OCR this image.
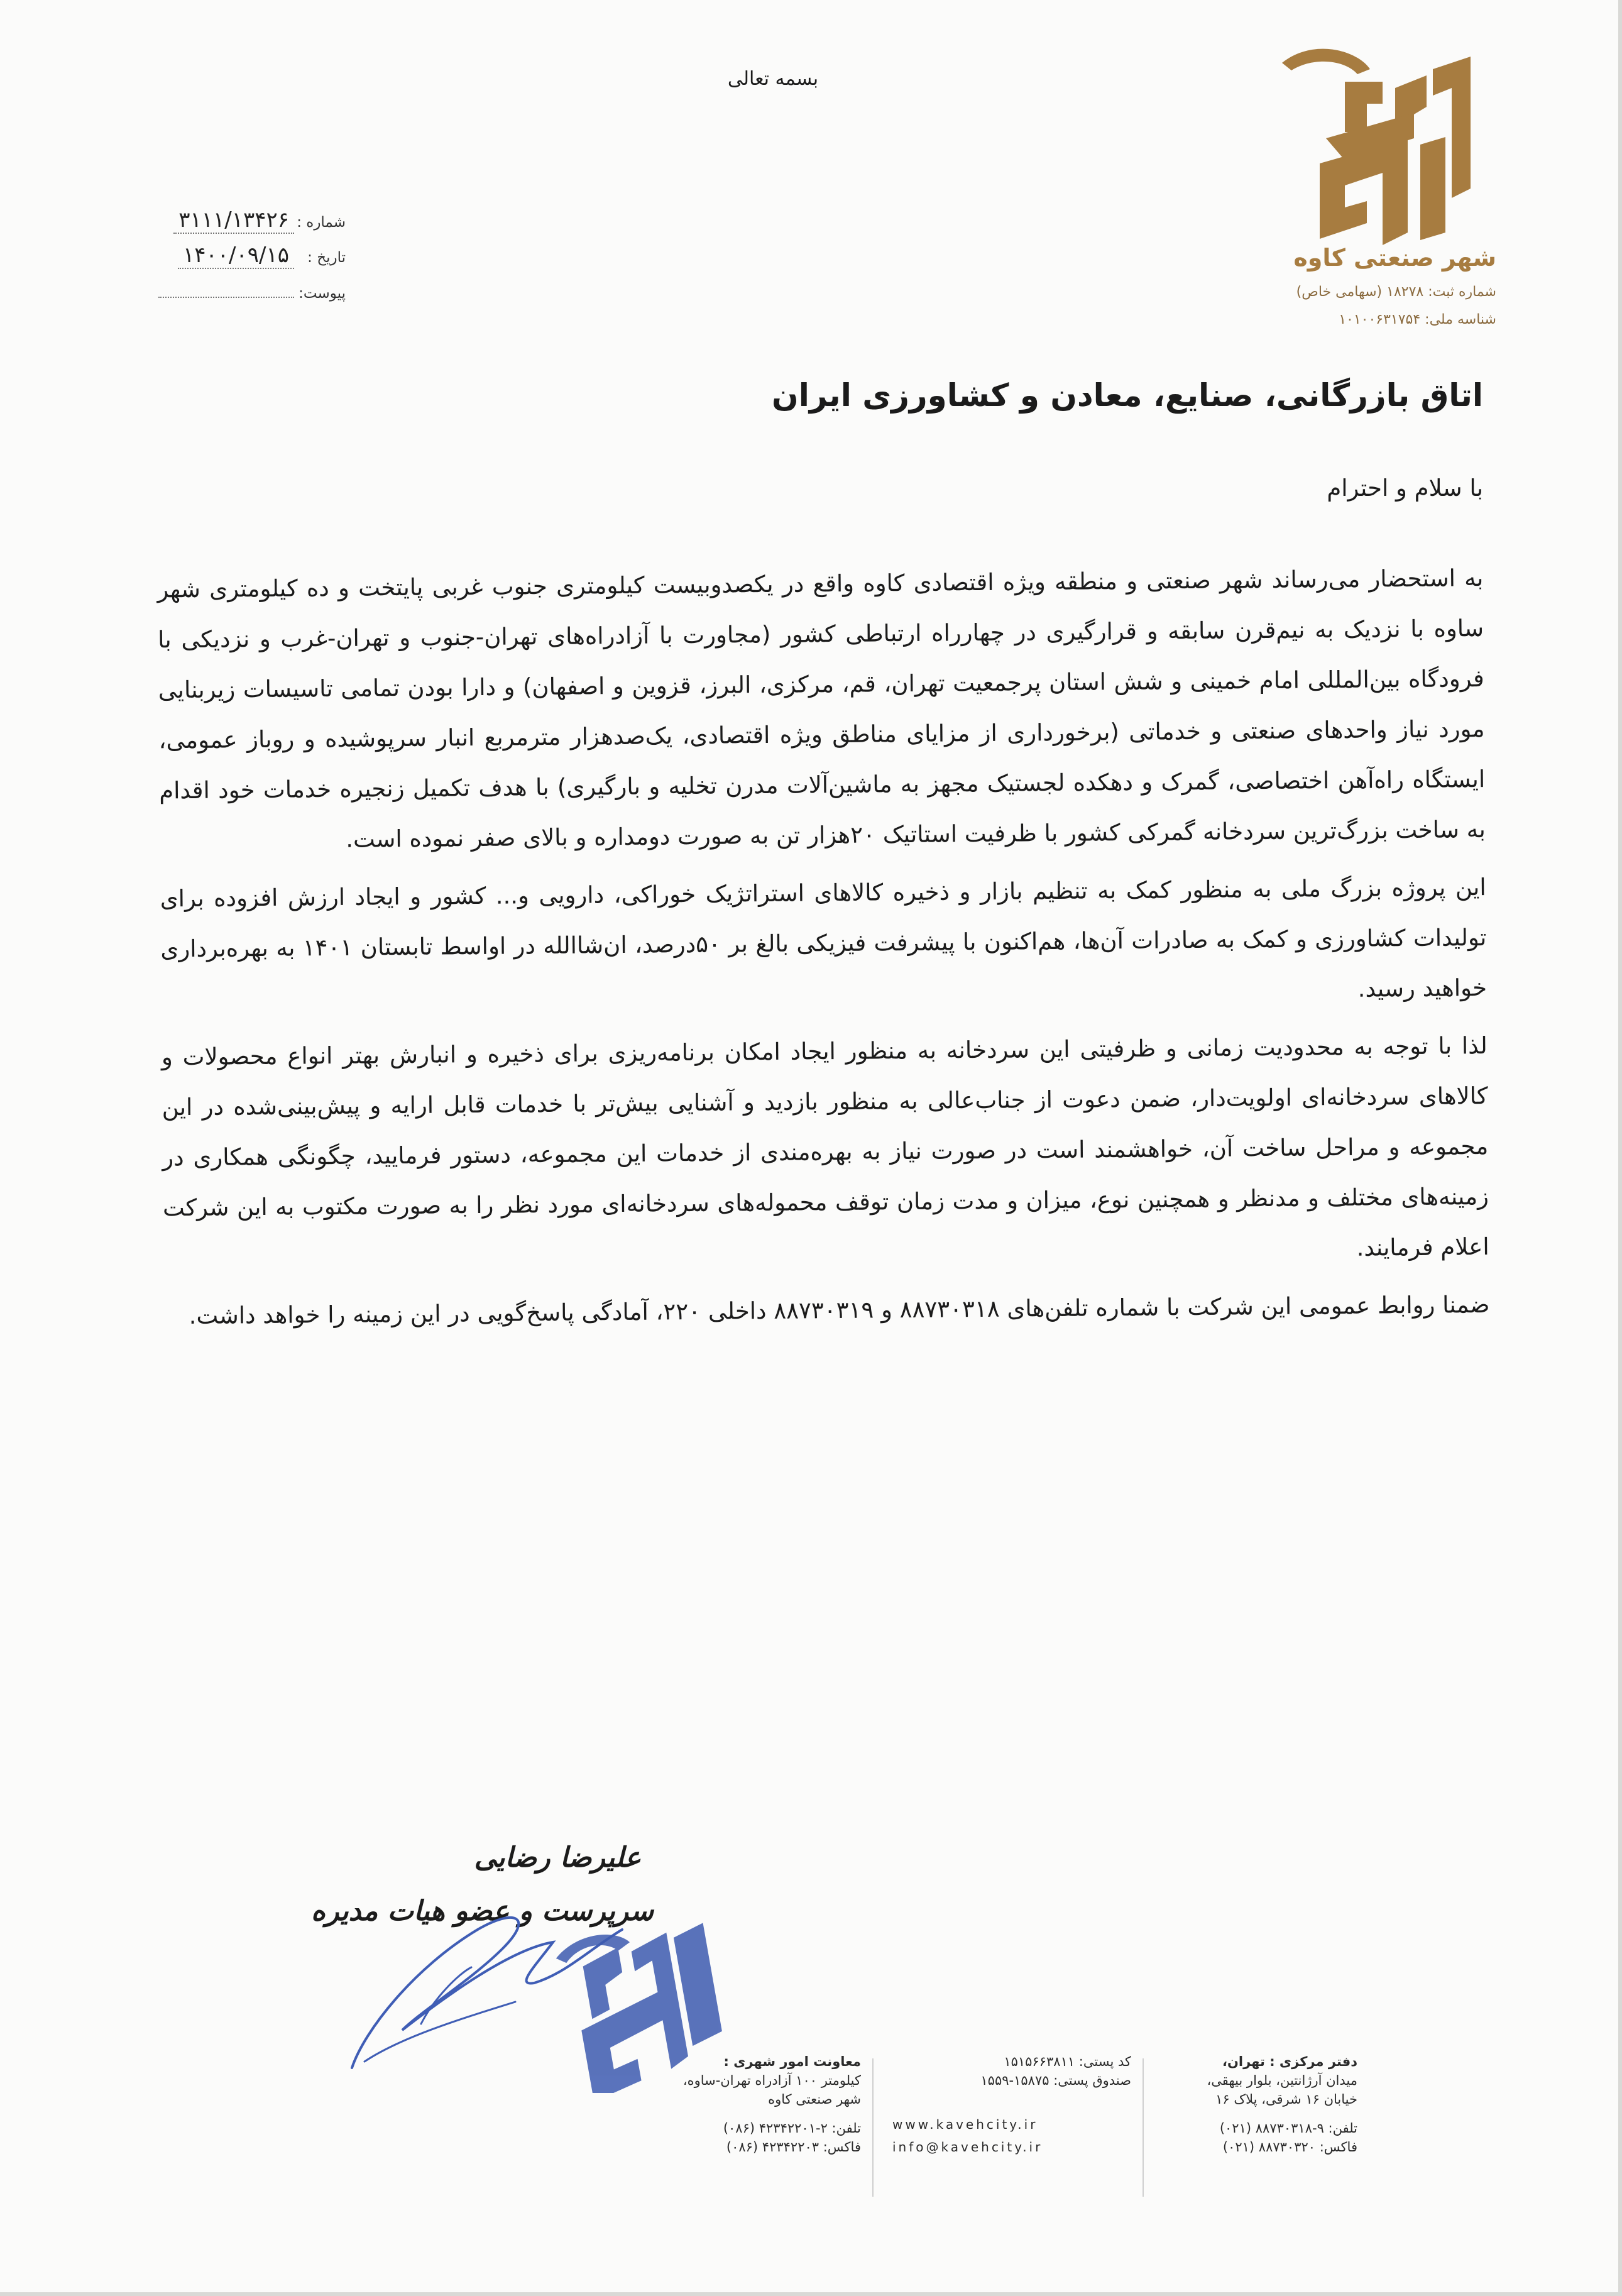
بسمه تعالی
شهر صنعتی کاوه
شماره ثبت: ۱۸۲۷۸ (سهامی خاص)
شناسه ملی: ۱۰۱۰۰۶۳۱۷۵۴
شماره :
۳۱۱۱/۱۳۴۲۶
تاریخ :
۱۴۰۰/۰۹/۱۵
پیوست:
اتاق بازرگانی، صنایع، معادن و کشاورزی ایران
با سلام و احترام

به استحضار می‌رساند شهر صنعتی و منطقه ویژه اقتصادی کاوه واقع در یکصدوبیست کیلومتری جنوب غربی پایتخت و ده کیلومتری شهر ساوه با نزدیک به نیم‌قرن سابقه و قرارگیری در چهارراه ارتباطی کشور (مجاورت با آزادراه‌های تهران-جنوب و تهران-غرب و نزدیکی با فرودگاه بین‌المللی امام خمینی و شش استان پرجمعیت تهران، قم، مرکزی، البرز، قزوین و اصفهان) و دارا بودن تمامی تاسیسات زیربنایی مورد نیاز واحدهای صنعتی و خدماتی (برخورداری از مزایای مناطق ویژه اقتصادی، یک‌صدهزار مترمربع انبار سرپوشیده و روباز عمومی، ایستگاه راه‌آهن اختصاصی، گمرک و دهکده لجستیک مجهز به ماشین‌آلات مدرن تخلیه و بارگیری) با هدف تکمیل زنجیره خدمات خود اقدام به ساخت بزرگ‌ترین سردخانه گمرکی کشور با ظرفیت استاتیک ۲۰هزار تن به صورت دومداره و بالای صفر نموده است.

این پروژه بزرگ ملی به منظور کمک به تنظیم بازار و ذخیره کالاهای استراتژیک خوراکی، دارویی و... کشور و ایجاد ارزش افزوده برای تولیدات کشاورزی و کمک به صادرات آن‌ها، هم‌اکنون با پیشرفت فیزیکی بالغ بر ۵۰درصد، ان‌شاالله در اواسط تابستان ۱۴۰۱ به بهره‌برداری خواهید رسید.

لذا با توجه به محدودیت زمانی و ظرفیتی این سردخانه به منظور ایجاد امکان برنامه‌ریزی برای ذخیره و انبارش بهتر انواع محصولات و کالاهای سردخانه‌ای اولویت‌دار، ضمن دعوت از جناب‌عالی به منظور بازدید و آشنایی بیش‌تر با خدمات قابل ارایه و پیش‌بینی‌شده در این مجموعه و مراحل ساخت آن، خواهشمند است در صورت نیاز به بهره‌مندی از خدمات این مجموعه، دستور فرمایید، چگونگی همکاری در زمینه‌های مختلف و مدنظر و همچنین نوع، میزان و مدت زمان توقف محموله‌های سردخانه‌ای مورد نظر را به صورت مکتوب به این شرکت اعلام فرمایند.

ضمنا روابط عمومی این شرکت با شماره تلفن‌های ۸۸۷۳۰۳۱۸ و ۸۸۷۳۰۳۱۹ داخلی ۲۲۰، آمادگی پاسخ‌گویی در این زمینه را خواهد داشت.

علیرضا رضایی
سرپرست و عضو هیات مدیره
دفتر مرکزی : تهران،
میدان آرژانتین، بلوار بیهقی،
خیابان ۱۶ شرقی، پلاک ۱۶
تلفن: ۹-۸۸۷۳۰۳۱۸ (۰۲۱)
فاکس: ۸۸۷۳۰۳۲۰ (۰۲۱)
کد پستی: ۱۵۱۵۶۶۳۸۱۱
صندوق پستی: ۱۵۸۷۵-۱۵۵۹
www.kavehcity.ir
info@kavehcity.ir
معاونت امور شهری :
کیلومتر ۱۰۰ آزادراه تهران-ساوه،
شهر صنعتی کاوه
تلفن: ۲-۴۲۳۴۲۲۰۱ (۰۸۶)
فاکس: ۴۲۳۴۲۲۰۳ (۰۸۶)
